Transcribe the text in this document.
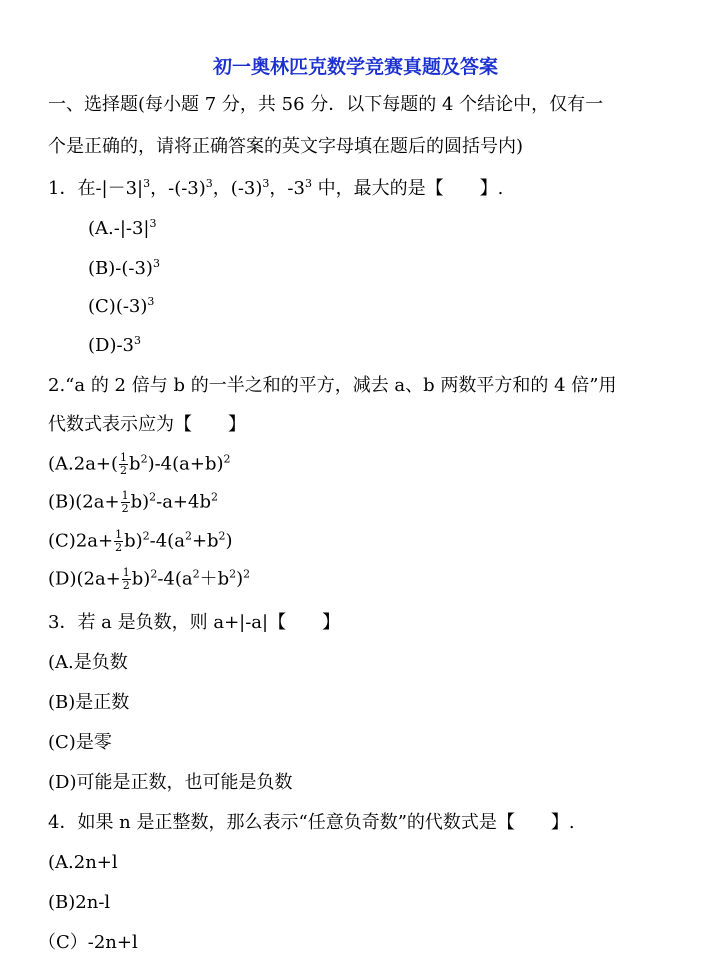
初一奥林匹克数学竞赛真题及答案
一、选择题(每小题 7 分，共 56 分．以下每题的 4 个结论中，仅有一
个是正确的，请将正确答案的英文字母填在题后的圆括号内)
1．在$-|-3|^3$，$-(-3)^3$，$(-3)^3$，$-3^3$ 中，最大的是【　　】.
($A.-|-3|^3$
$(B)-(-3)^3$
$(C)(-3)^3$
$(D)-3^3$
2.“a 的 2 倍与 b 的一半之和的平方，减去 a、b 两数平方和的 4 倍”用
代数式表示应为【　　】
($A.2a+( \frac{1}{2} b^2)-4(a+b)^2$
$(B)(2a+ \frac{1}{2} b)^2-a+4b^2$
$(C)2a+ \frac{1}{2} b)^2-4(a^2+b^2)$
$(D)(2a+ \frac{1}{2} b)^2-4(a^2+b^2)^2$
3．若 a 是负数，则 a+|-a|【　　】
(A.是负数
(B)是正数
(C)是零
(D)可能是正数，也可能是负数
4．如果 n 是正整数，那么表示“任意负奇数”的代数式是【　　】.
(A.2n+l
(B)2n-l
（C）-2n+l
